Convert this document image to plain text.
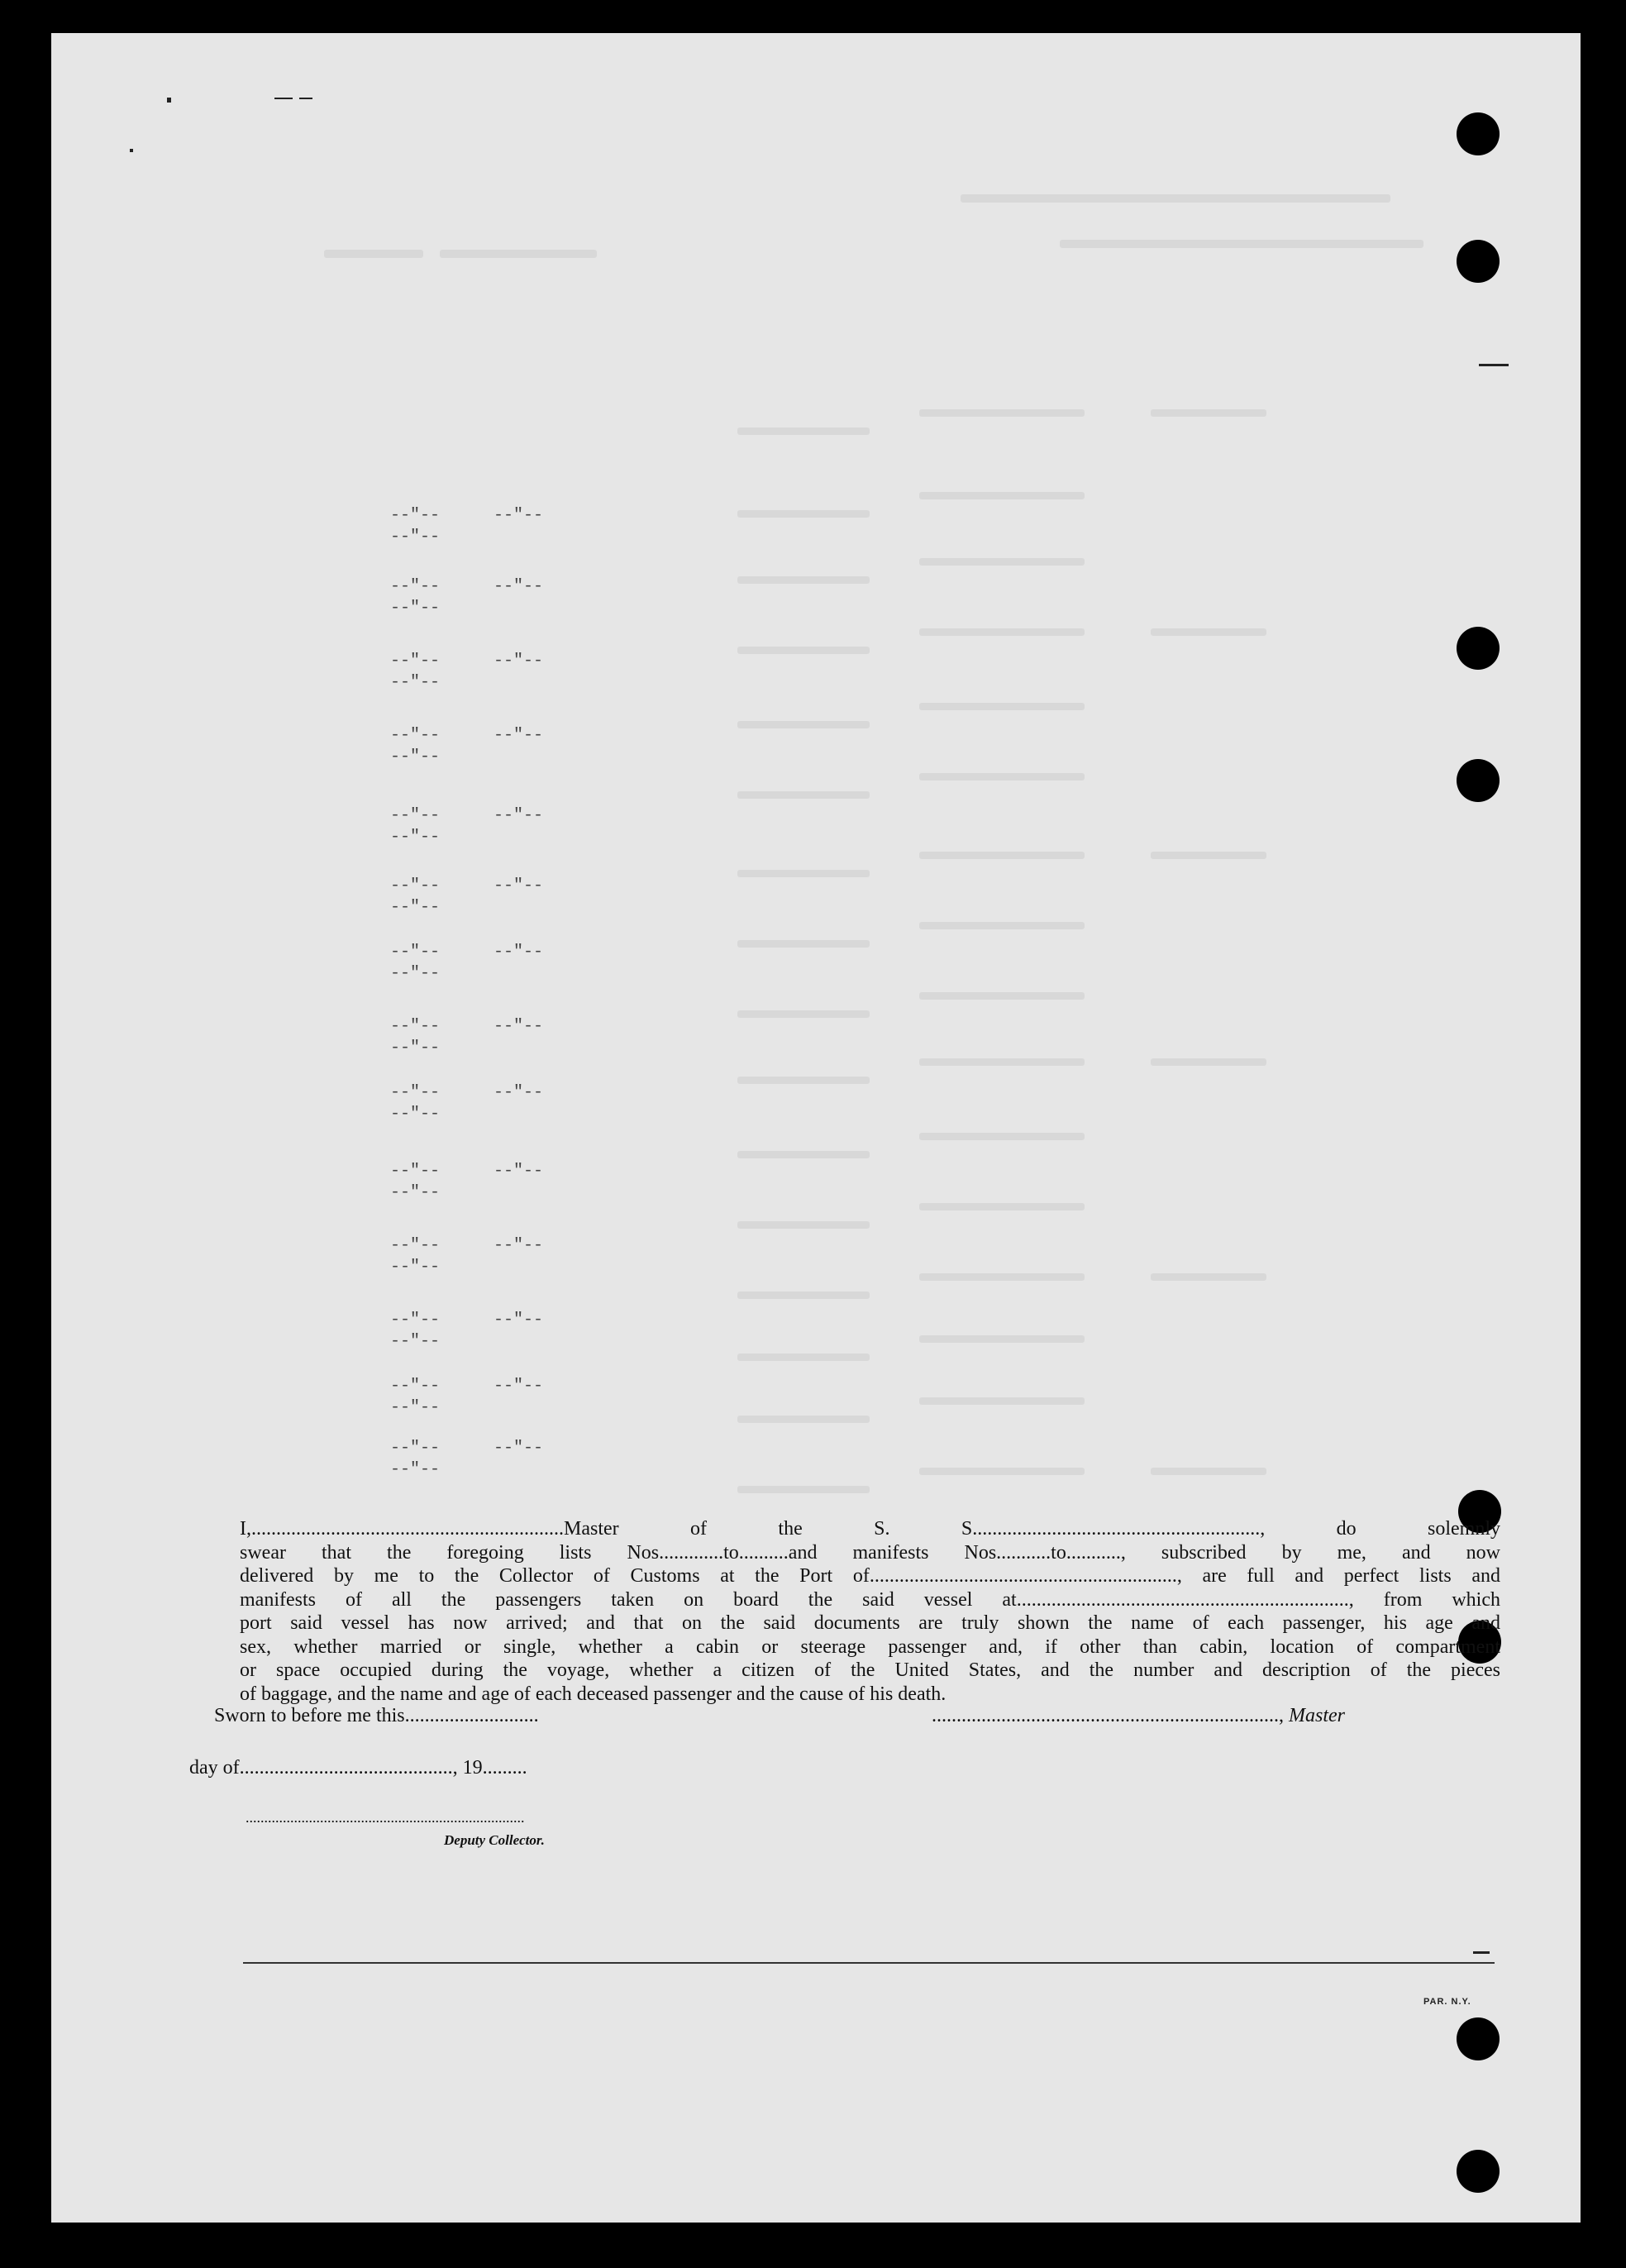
--"--	--"--
--"--
--"--	--"--
--"--
--"--	--"--
--"--
--"--	--"--
--"--
--"--	--"--
--"--
--"--	--"--
--"--
--"--	--"--
--"--
--"--	--"--
--"--
--"--	--"--
--"--
--"--	--"--
--"--
--"--	--"--
--"--
--"--	--"--
--"--
--"--	--"--
--"--
--"--	--"--
--"--
I,...............................................................Master of the S. S.........................................................., do solemnly
swear that the foregoing lists Nos.............to..........and manifests Nos...........to..........., subscribed by me, and now
delivered by me to the Collector of Customs at the Port of.............................................................., are full and perfect lists and
manifests of all the passengers taken on board the said vessel at..................................................................., from which
port said vessel has now arrived; and that on the said documents are truly shown the name of each passenger, his age and
sex, whether married or single, whether a cabin or steerage passenger and, if other than cabin, location of compartment
or space occupied during the voyage, whether a citizen of the United States, and the number and description of the pieces
of baggage, and the name and age of each deceased passenger and the cause of his death.
Sworn to before me this...........................	......................................................................, Master
day of..........................................., 19.........
...........................................................................
Deputy Collector.
PAR. N.Y.
